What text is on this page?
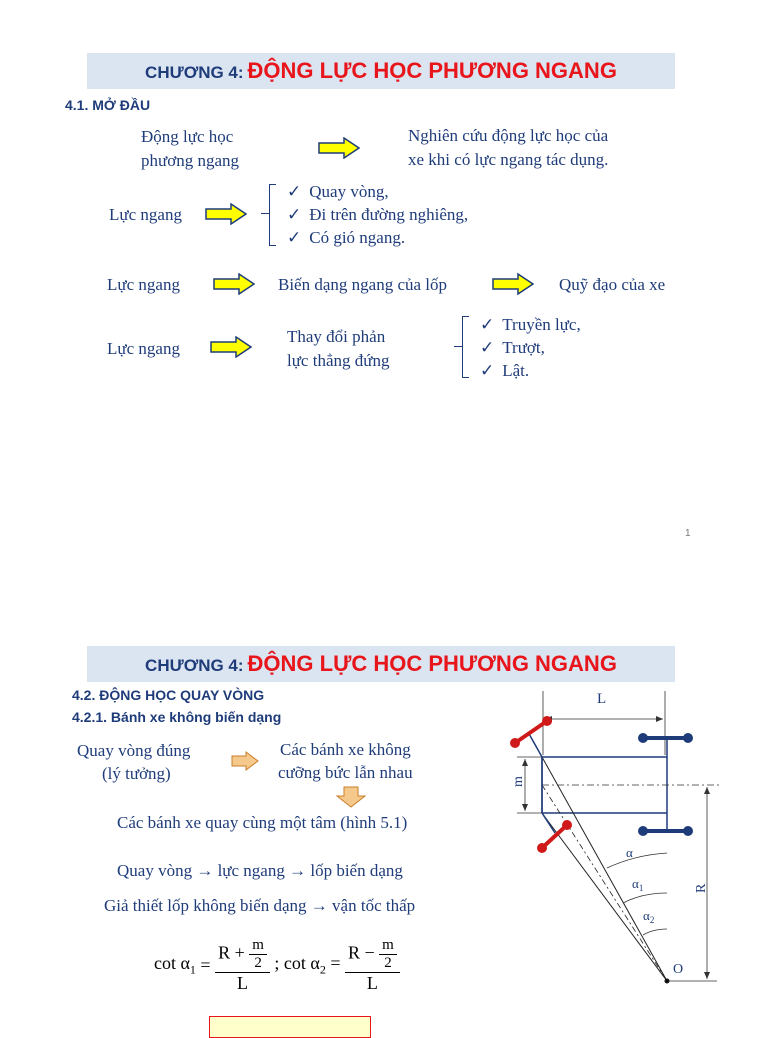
CHƯƠNG 4: ĐỘNG LỰC HỌC PHƯƠNG NGANG
4.1. MỞ ĐẦU
Động lực học
phương ngang
Nghiên cứu động lực học của
xe khi có lực ngang tác dụng.
Lực ngang
✓ Quay vòng,
✓ Đi trên đường nghiêng,
✓ Có gió ngang.
Lực ngang	Biến dạng ngang của lốp	Quỹ đạo của xe
Lực ngang
Thay đổi phản
lực thẳng đứng
✓ Truyền lực,
✓ Trượt,
✓ Lật.
1
CHƯƠNG 4: ĐỘNG LỰC HỌC PHƯƠNG NGANG
4.2. ĐỘNG HỌC QUAY VÒNG
4.2.1. Bánh xe không biến dạng
Quay vòng đúng
(lý tưởng)
Các bánh xe không
cưỡng bức lẫn nhau
Các bánh xe quay cùng một tâm (hình 5.1)
Quay vòng → lực ngang → lốp biến dạng
Giả thiết lốp không biến dạng → vận tốc thấp
$\cot \alpha_1 = \frac{R + \frac{m}{2}}{L}$ ; $\cot \alpha_2 = \frac{R - \frac{m}{2}}{L}$
L
m
R
α
$\alpha_1$
$\alpha_2$
O
